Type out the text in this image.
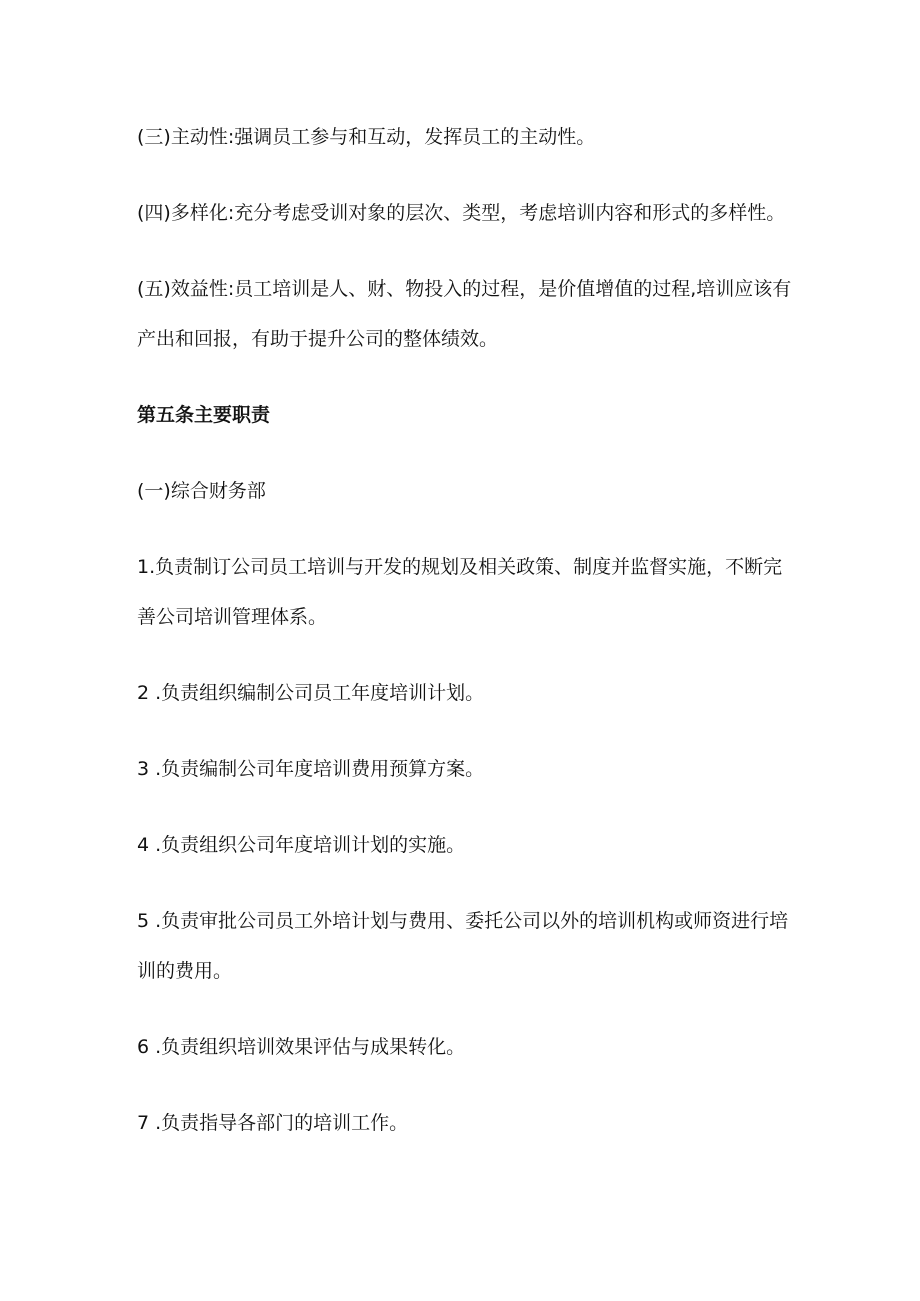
(三)主动性:强调员工参与和互动，发挥员工的主动性。

(四)多样化:充分考虑受训对象的层次、类型，考虑培训内容和形式的多样性。

(五)效益性:员工培训是人、财、物投入的过程，是价值增值的过程,培训应该有产出和回报，有助于提升公司的整体绩效。

第五条主要职责

(一)综合财务部

1.负责制订公司员工培训与开发的规划及相关政策、制度并监督实施，不断完善公司培训管理体系。

2 .负责组织编制公司员工年度培训计划。

3 .负责编制公司年度培训费用预算方案。

4 .负责组织公司年度培训计划的实施。

5 .负责审批公司员工外培计划与费用、委托公司以外的培训机构或师资进行培训的费用。

6 .负责组织培训效果评估与成果转化。

7 .负责指导各部门的培训工作。
